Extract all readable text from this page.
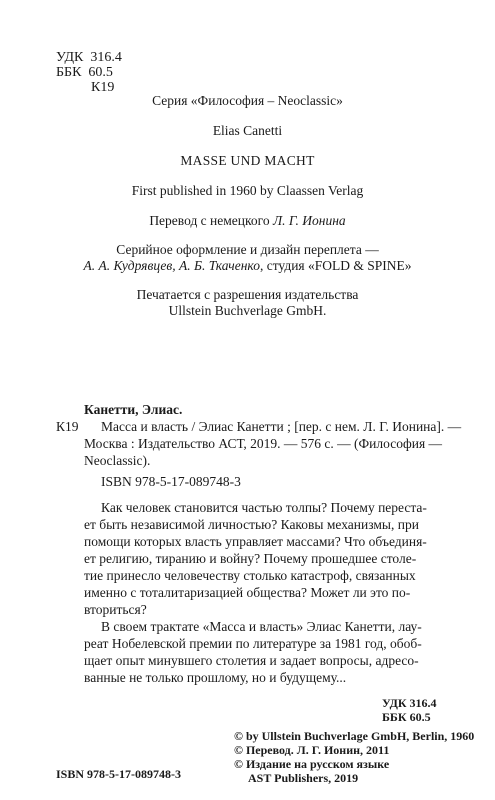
УДК 316.4
ББК 60.5
К19
Серия «Философия – Neoclassic»
Elias Canetti
MASSE UND MACHT
First published in 1960 by Claassen Verlag
Перевод с немецкого Л. Г. Ионина
Серийное оформление и дизайн переплета —
А. А. Кудрявцев, А. Б. Ткаченко, студия «FOLD & SPINE»
Печатается с разрешения издательства
Ullstein Buchverlage GmbH.
Канетти, Элиас.
К19 Масса и власть / Элиас Канетти ; [пер. с нем. Л. Г. Ионина]. —
Москва : Издательство АСТ, 2019. — 576 с. — (Философия —
Neoclassic).
ISBN 978-5-17-089748-3
Как человек становится частью толпы? Почему переста-
ет быть независимой личностью? Каковы механизмы, при
помощи которых власть управляет массами? Что объединя-
ет религию, тиранию и войну? Почему прошедшее столе-
тие принесло человечеству столько катастроф, связанных
именно с тоталитаризацией общества? Может ли это по-
вториться?
В своем трактате «Масса и власть» Элиас Канетти, лау-
реат Нобелевской премии по литературе за 1981 год, обоб-
щает опыт минувшего столетия и задает вопросы, адресо-
ванные не только прошлому, но и будущему...
УДК 316.4
ББК 60.5
ISBN 978-5-17-089748-3
© by Ullstein Buchverlage GmbH, Berlin, 1960
© Перевод. Л. Г. Ионин, 2011
© Издание на русском языке
AST Publishers, 2019
